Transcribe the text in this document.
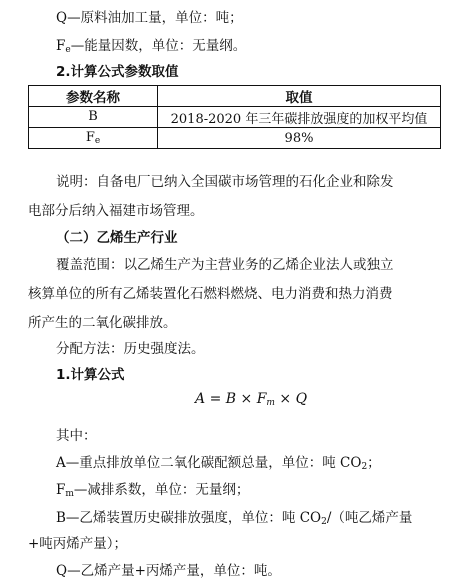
Q—原料油加工量，单位：吨；
$F_e—$能量因数，单位：无量纲。
2.计算公式参数取值
参数名称	取值
B	2018-2020 年三年碳排放强度的加权平均值
$F_e$	98%
说明：自备电厂已纳入全国碳市场管理的石化企业和除发
电部分后纳入福建市场管理。
（二）乙烯生产行业
覆盖范围：以乙烯生产为主营业务的乙烯企业法人或独立
核算单位的所有乙烯装置化石燃料燃烧、电力消费和热力消费
所产生的二氧化碳排放。
分配方法：历史强度法。
1.计算公式
$A = B \times F_m \times Q$
其中：
A—重点排放单位二氧化碳配额总量，单位：吨 $CO_2$；
$F_m—$减排系数，单位：无量纲；
B—乙烯装置历史碳排放强度，单位：吨 $CO_2/$（吨乙烯产量
+吨丙烯产量）；
Q—乙烯产量+丙烯产量，单位：吨。
